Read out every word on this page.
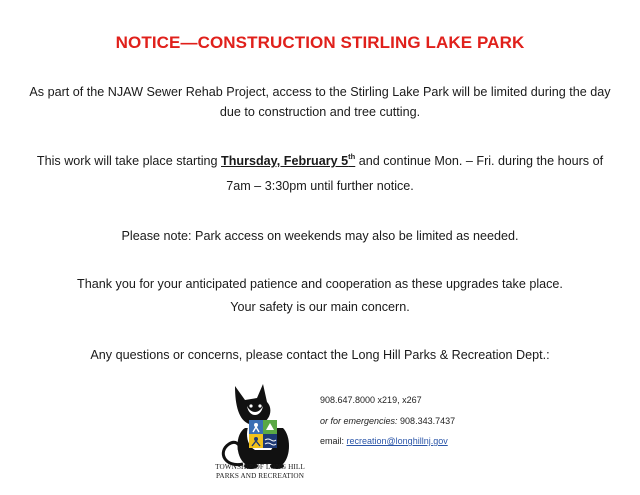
NOTICE—CONSTRUCTION STIRLING LAKE PARK
As part of the NJAW Sewer Rehab Project, access to the Stirling Lake Park will be limited during the day
due to construction and tree cutting.
This work will take place starting Thursday, February 5th and continue Mon. – Fri. during the hours of
7am – 3:30pm until further notice.
Please note: Park access on weekends may also be limited as needed.
Thank you for your anticipated patience and cooperation as these upgrades take place.
Your safety is our main concern.
Any questions or concerns, please contact the Long Hill Parks & Recreation Dept.:
TOWNSHIP OF LONG HILL
PARKS AND RECREATION
908.647.8000 x219, x267
or for emergencies: 908.343.7437
email: recreation@longhillnj.gov
